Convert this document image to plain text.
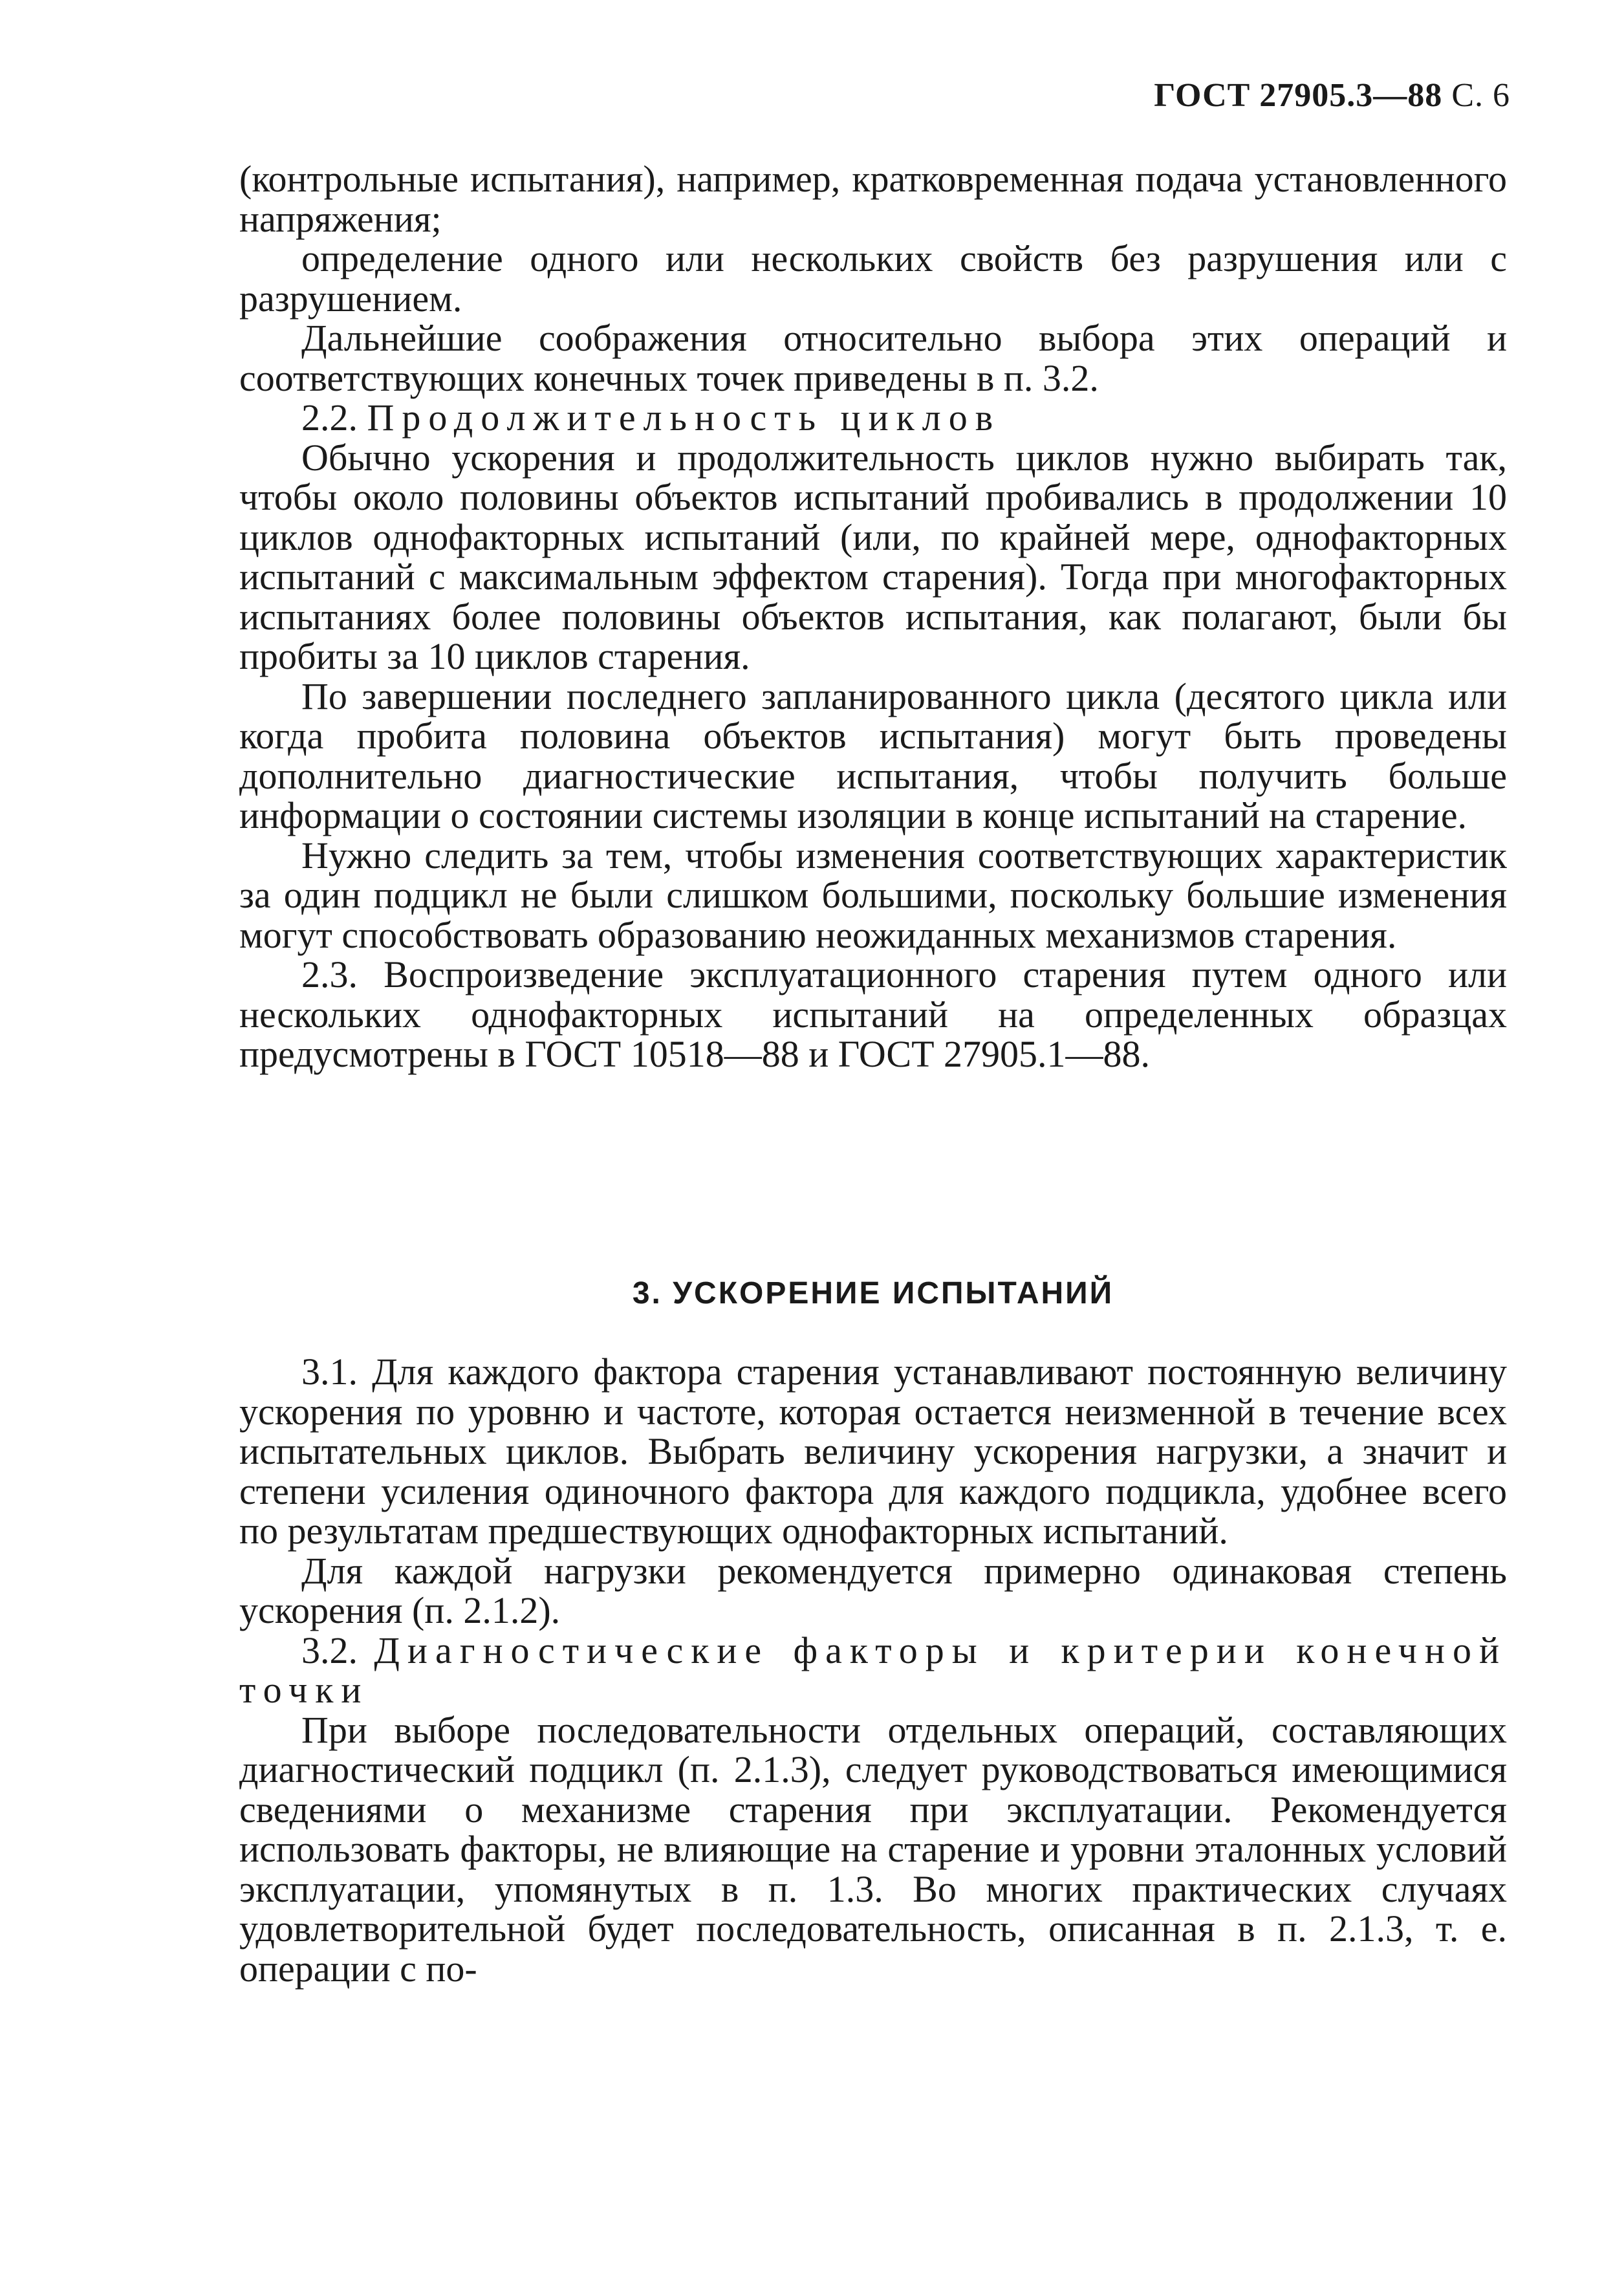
ГОСТ 27905.3—88 С. 6

(контрольные испытания), например, кратковременная подача установленного напряжения;

определение одного или нескольких свойств без разрушения или с разрушением.

Дальнейшие соображения относительно выбора этих операций и соответствующих конечных точек приведены в п. 3.2.

2.2. Продолжительность циклов

Обычно ускорения и продолжительность циклов нужно выбирать так, чтобы около половины объектов испытаний пробивались в продолжении 10 циклов однофакторных испытаний (или, по крайней мере, однофакторных испытаний с максимальным эффектом старения). Тогда при многофакторных испытаниях более половины объектов испытания, как полагают, были бы пробиты за 10 циклов старения.

По завершении последнего запланированного цикла (десятого цикла или когда пробита половина объектов испытания) могут быть проведены дополнительно диагностические испытания, чтобы получить больше информации о состоянии системы изоляции в конце испытаний на старение.

Нужно следить за тем, чтобы изменения соответствующих характеристик за один подцикл не были слишком большими, поскольку большие изменения могут способствовать образованию неожиданных механизмов старения.

2.3. Воспроизведение эксплуатационного старения путем одного или нескольких однофакторных испытаний на определенных образцах предусмотрены в ГОСТ 10518—88 и ГОСТ 27905.1—88.

3. УСКОРЕНИЕ ИСПЫТАНИЙ

3.1. Для каждого фактора старения устанавливают постоянную величину ускорения по уровню и частоте, которая остается неизменной в течение всех испытательных циклов. Выбрать величину ускорения нагрузки, а значит и степени усиления одиночного фактора для каждого подцикла, удобнее всего по результатам предшествующих однофакторных испытаний.

Для каждой нагрузки рекомендуется примерно одинаковая степень ускорения (п. 2.1.2).

3.2. Диагностические факторы и критерии конечной точки

При выборе последовательности отдельных операций, составляющих диагностический подцикл (п. 2.1.3), следует руководствоваться имеющимися сведениями о механизме старения при эксплуатации. Рекомендуется использовать факторы, не влияющие на старение и уровни эталонных условий эксплуатации, упомянутых в п. 1.3. Во многих практических случаях удовлетворительной будет последовательность, описанная в п. 2.1.3, т. е. операции с по-
